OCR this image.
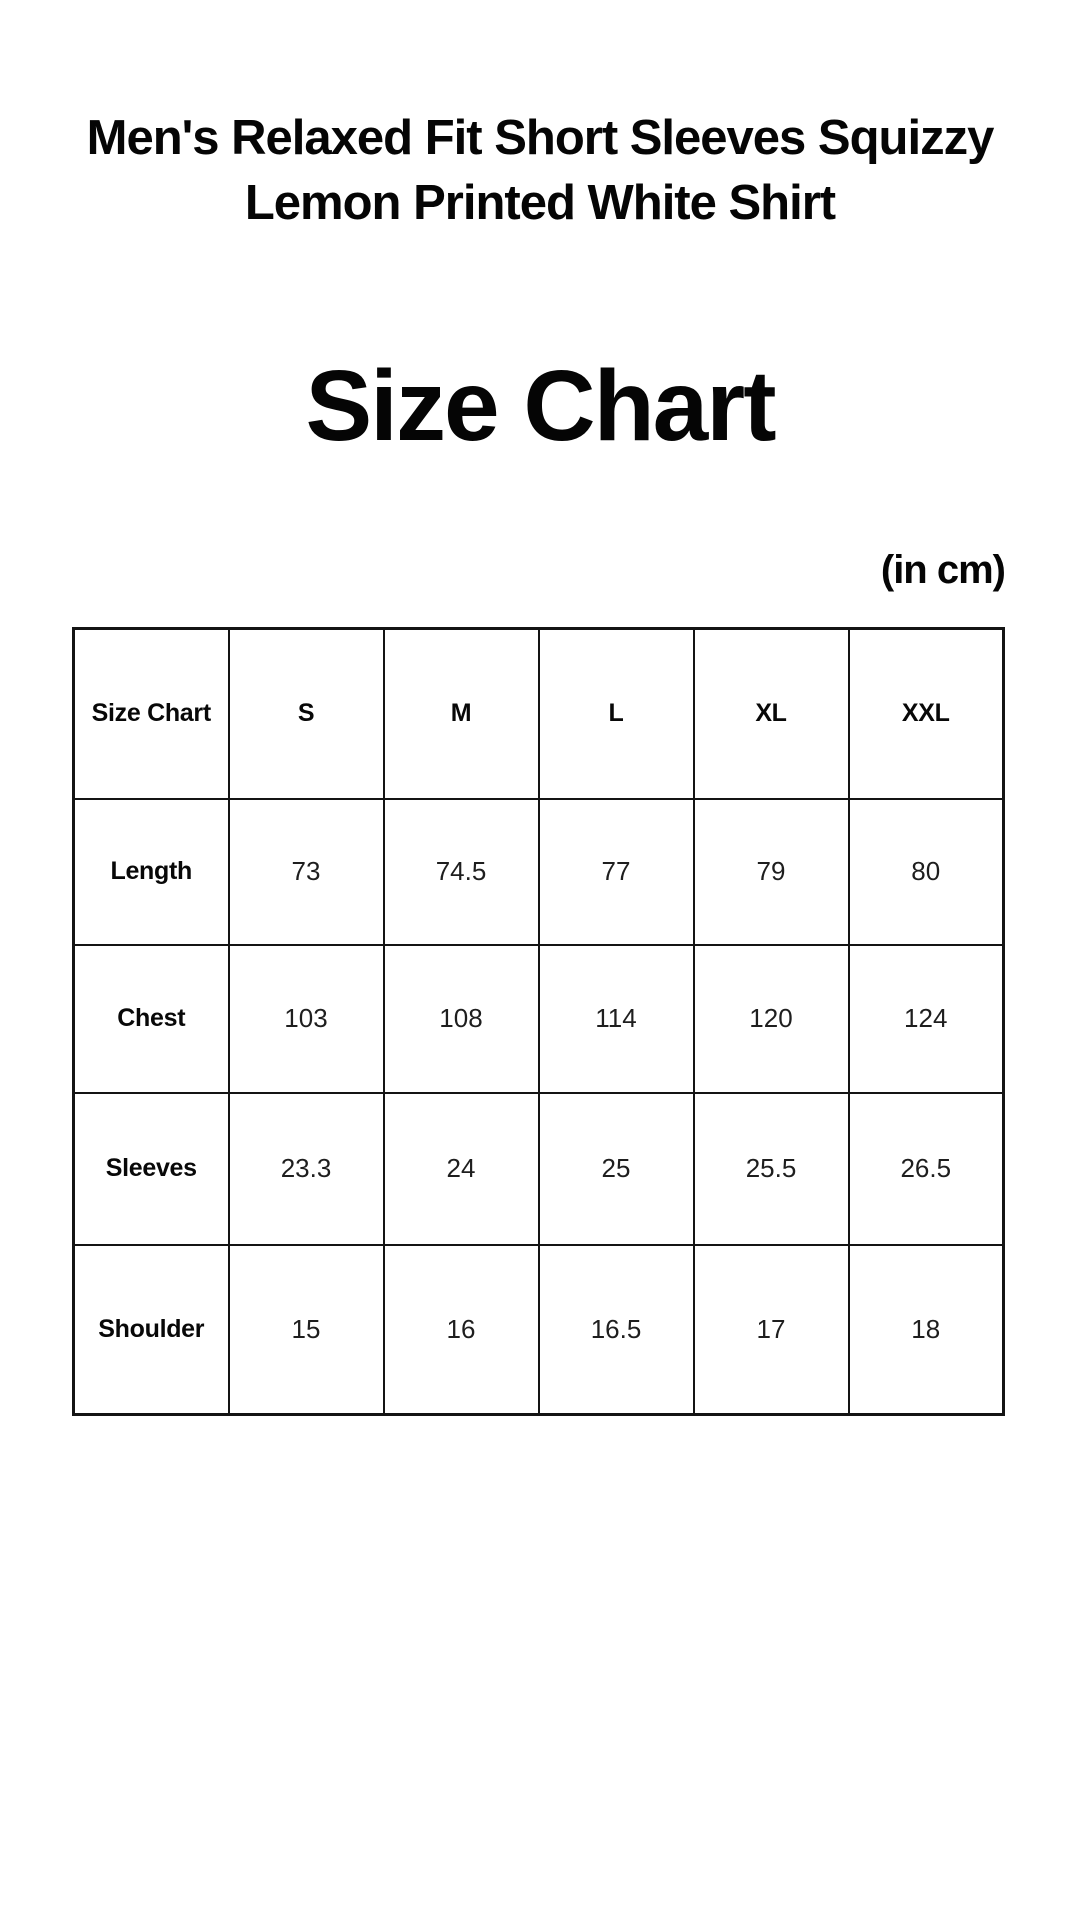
Men's Relaxed Fit Short Sleeves Squizzy
Lemon Printed White Shirt
Size Chart
(in cm)
Size Chart	S	M	L	XL	XXL
Length	73	74.5	77	79	80
Chest	103	108	114	120	124
Sleeves	23.3	24	25	25.5	26.5
Shoulder	15	16	16.5	17	18
